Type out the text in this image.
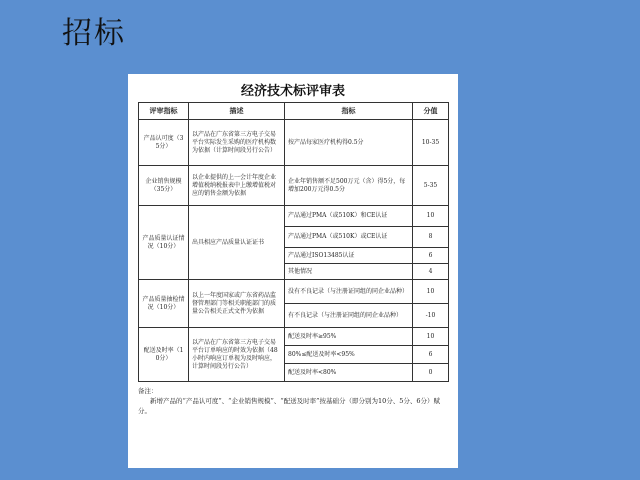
招标
经济技术标评审表
评审指标	描述	指标	分值
产品认可度（35分）	以产品在广东省第三方电子交易平台实际发生采购的医疗机构数为依据（计算时间段另行公告）	按产品每家医疗机构得0.5分	10-35
企业销售规模（35分）	以企业提供的上一会计年度企业增值税纳税报表中上缴增值税对应的销售金额为依据	企业年销售额不足500万元（含）得5分，每增加200万元得0.5分	5-35
产品质量认证情况（10分）	出具相应产品质量认证证书	产品通过PMA（或510K）和CE认证	10
		产品通过PMA（或510K）或CE认证	8
		产品通过ISO13485认证	6
		其他情况	4
产品质量抽检情况（10分）	以上一年度国家或广东省药品监督管理部门等相关职能部门的质量公告相关正式文件为依据	没有不良记录（与注册证同组的同企业品种）	10
		有不良记录（与注册证同组的同企业品种）	-10
配送及时率（10分）	以产品在广东省第三方电子交易平台订单响应的时效为依据（48小时内响应订单视为及时响应，计算时间段另行公告）	配送及时率≥95%	10
		80%≤配送及时率<95%	6
		配送及时率<80%	0
备注：
新增产品的“产品认可度”、“企业销售规模”、“配送及时率”按基础分（即分别为10分、5分、6分）赋分。
